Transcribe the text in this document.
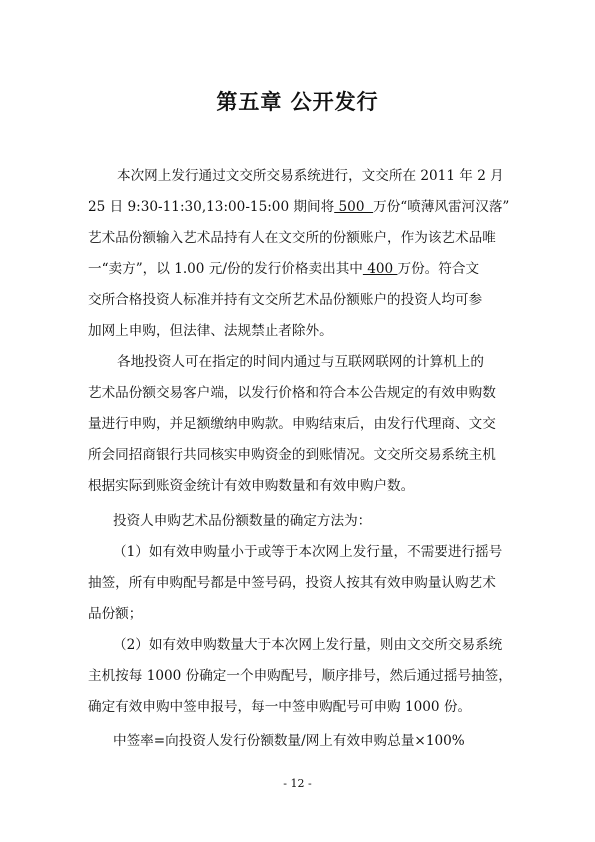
第五章 公开发行
本次网上发行通过文交所交易系统进行，文交所在 2011 年 2 月
25 日 9:30-11:30,13:00-15:00 期间将 500  万份“喷薄风雷河汉落”
艺术品份额输入艺术品持有人在文交所的份额账户，作为该艺术品唯
一“卖方”，以 1.00 元/份的发行价格卖出其中 400 万份。符合文
交所合格投资人标准并持有文交所艺术品份额账户的投资人均可参
加网上申购，但法律、法规禁止者除外。
各地投资人可在指定的时间内通过与互联网联网的计算机上的
艺术品份额交易客户端，以发行价格和符合本公告规定的有效申购数
量进行申购，并足额缴纳申购款。申购结束后，由发行代理商、文交
所会同招商银行共同核实申购资金的到账情况。文交所交易系统主机
根据实际到账资金统计有效申购数量和有效申购户数。
投资人申购艺术品份额数量的确定方法为：
（1）如有效申购量小于或等于本次网上发行量，不需要进行摇号
抽签，所有申购配号都是中签号码，投资人按其有效申购量认购艺术
品份额；
（2）如有效申购数量大于本次网上发行量，则由文交所交易系统
主机按每 1000 份确定一个申购配号，顺序排号，然后通过摇号抽签，
确定有效申购中签申报号，每一中签申购配号可申购 1000 份。
中签率=向投资人发行份额数量/网上有效申购总量×100%
- 12 -
